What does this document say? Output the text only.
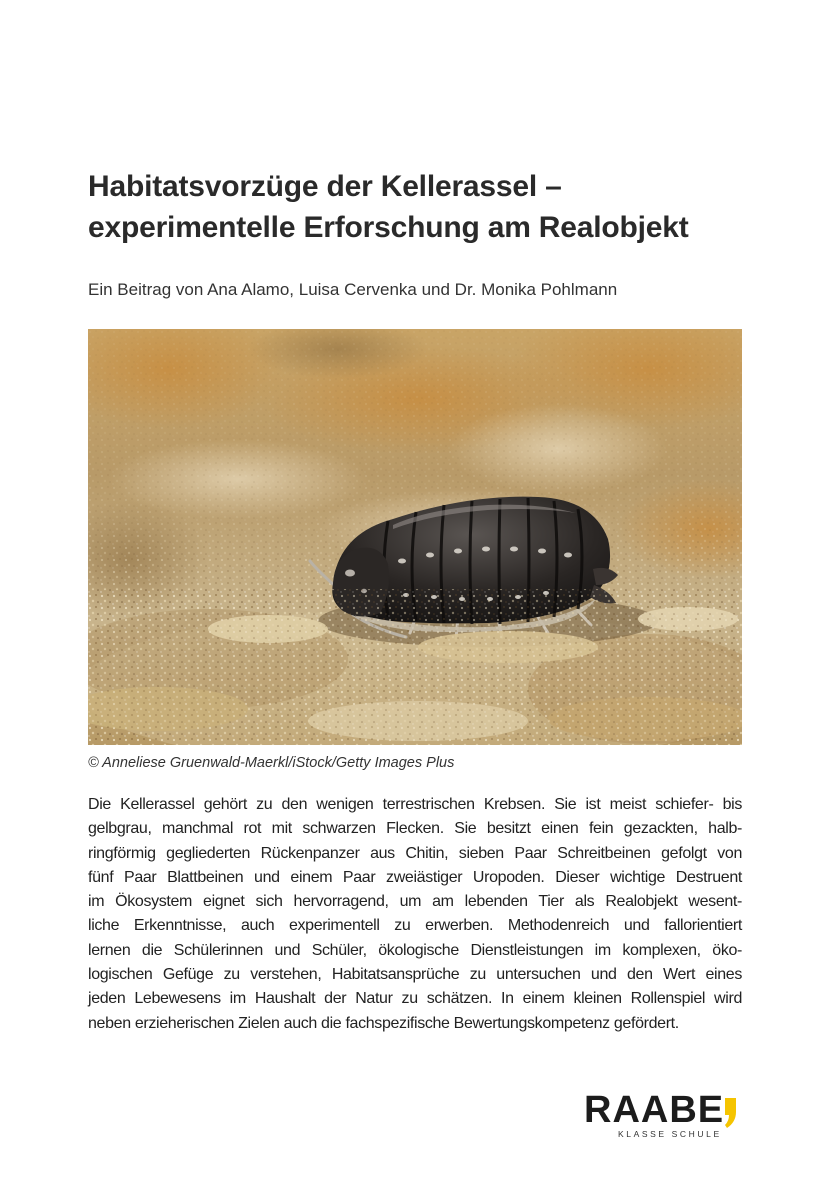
Habitatsvorzüge der Kellerassel –
experimentelle Erforschung am Realobjekt
Ein Beitrag von Ana Alamo, Luisa Cervenka und Dr. Monika Pohlmann
© Anneliese Gruenwald-Maerkl/iStock/Getty Images Plus

Die Kellerassel gehört zu den wenigen terrestrischen Krebsen. Sie ist meist schiefer- bis
gelbgrau, manchmal rot mit schwarzen Flecken. Sie besitzt einen fein gezackten, halb-
ringförmig gegliederten Rückenpanzer aus Chitin, sieben Paar Schreitbeinen gefolgt von
fünf Paar Blattbeinen und einem Paar zweiästiger Uropoden. Dieser wichtige Destruent
im Ökosystem eignet sich hervorragend, um am lebenden Tier als Realobjekt wesent-
liche Erkenntnisse, auch experimentell zu erwerben. Methodenreich und fallorientiert
lernen die Schülerinnen und Schüler, ökologische Dienstleistungen im komplexen, öko-
logischen Gefüge zu verstehen, Habitatsansprüche zu untersuchen und den Wert eines
jeden Lebewesens im Haushalt der Natur zu schätzen. In einem kleinen Rollenspiel wird
neben erzieherischen Zielen auch die fachspezifische Bewertungskompetenz gefördert.

RAABE
KLASSE SCHULE
